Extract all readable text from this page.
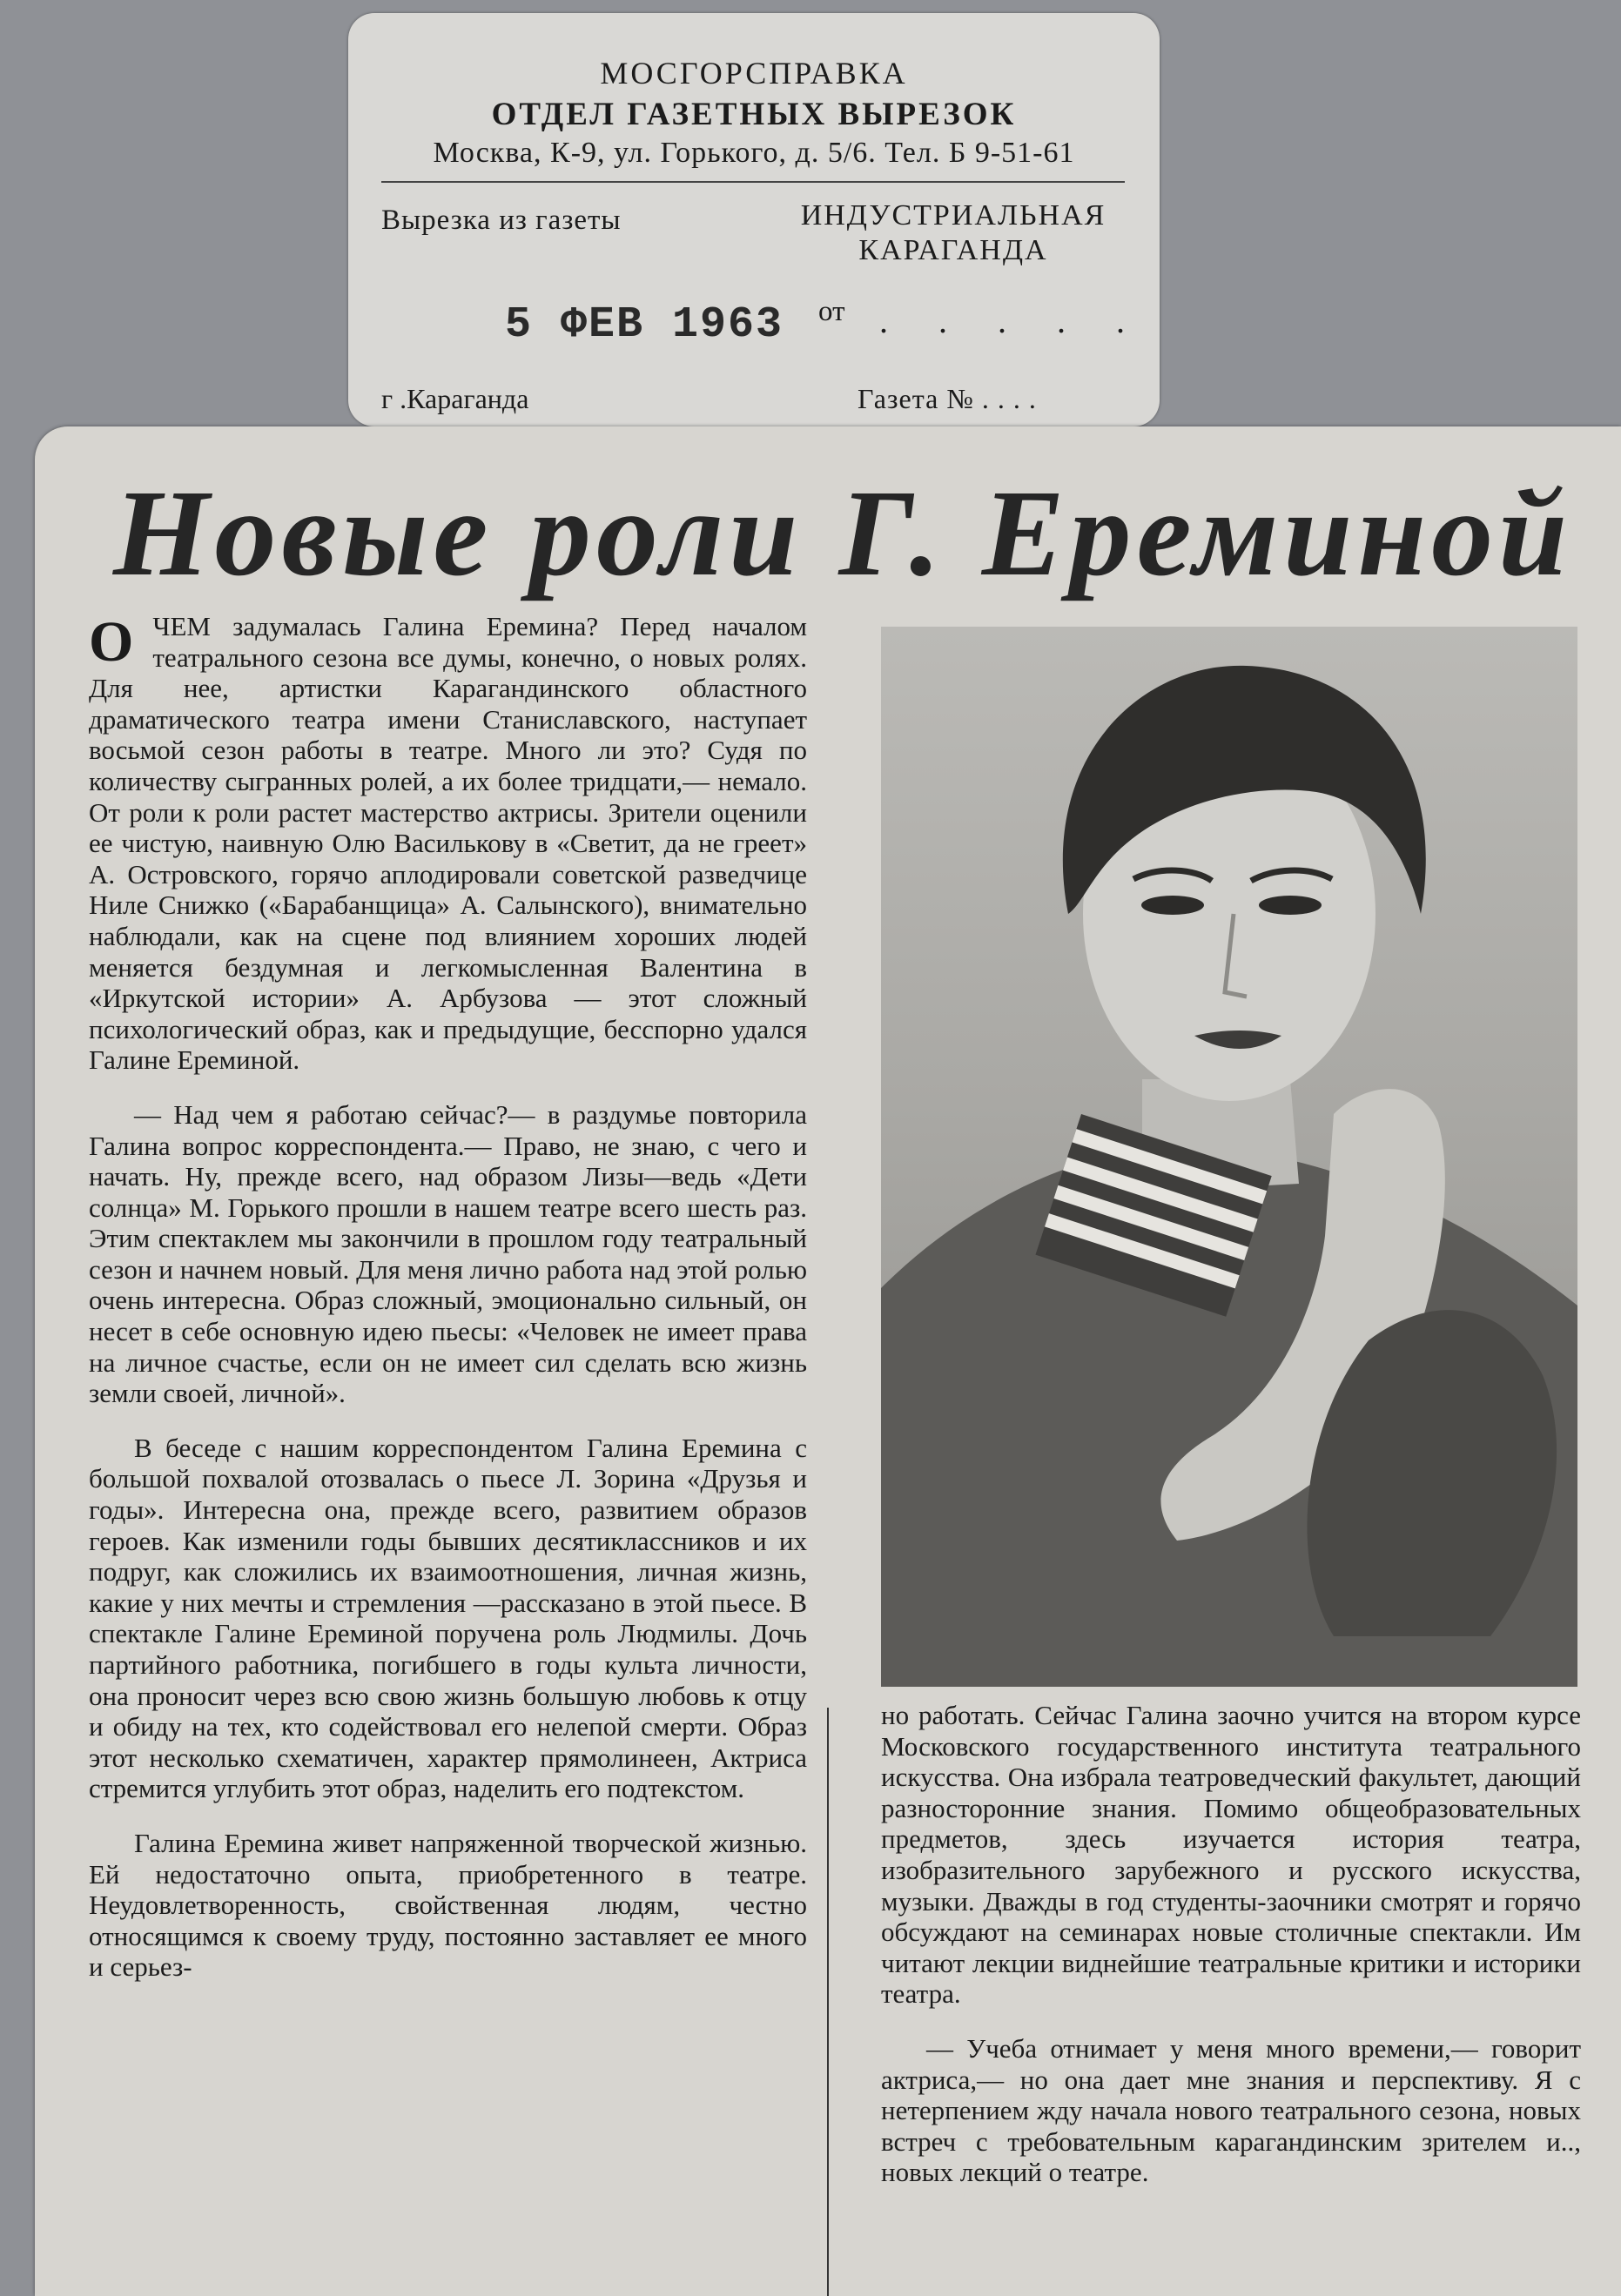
МОСГОРСПРАВКА
ОТДЕЛ ГАЗЕТНЫХ ВЫРЕЗОК
Москва, К-9, ул. Горького, д. 5/6. Тел. Б 9-51-61
Вырезка из газеты	ИНДУСТРИАЛЬНАЯ
КАРАГАНДА
5 ФЕВ 1963 от . . . . .
г .Караганда	Газета № . . . .
Новые роли Г. Ереминой

ОЧЕМ задумалась Галина Еремина? Перед началом театрального сезона все думы, конечно, о новых ролях. Для нее, артистки Карагандинского областного драматического театра имени Станиславского, наступает восьмой сезон работы в театре. Много ли это? Судя по количеству сыгранных ролей, а их более тридцати,— немало. От роли к роли растет мастерство актрисы. Зрители оценили ее чистую, наивную Олю Василькову в «Светит, да не греет» А. Островского, горячо аплодировали советской разведчице Ниле Снижко («Барабанщица» А. Салынского), внимательно наблюдали, как на сцене под влиянием хороших людей меняется бездумная и легкомысленная Валентина в «Иркутской истории» А. Арбузова — этот сложный психологический образ, как и предыдущие, бесспорно удался Галине Ереминой.

— Над чем я работаю сейчас?— в раздумье повторила Галина вопрос корреспондента.— Право, не знаю, с чего и начать. Ну, прежде всего, над образом Лизы—ведь «Дети солнца» М. Горького прошли в нашем театре всего шесть раз. Этим спектаклем мы закончили в прошлом году театральный сезон и начнем новый. Для меня лично работа над этой ролью очень интересна. Образ сложный, эмоционально сильный, он несет в себе основную идею пьесы: «Человек не имеет права на личное счастье, если он не имеет сил сделать всю жизнь земли своей, личной».

В беседе с нашим корреспондентом Галина Еремина с большой похвалой отозвалась о пьесе Л. Зорина «Друзья и годы». Интересна она, прежде всего, развитием образов героев. Как изменили годы бывших десятиклассников и их подруг, как сложились их взаимоотношения, личная жизнь, какие у них мечты и стремления —рассказано в этой пьесе. В спектакле Галине Ереминой поручена роль Людмилы. Дочь партийного работника, погибшего в годы культа личности, она проносит через всю свою жизнь большую любовь к отцу и обиду на тех, кто содействовал его нелепой смерти. Образ этот несколько схематичен, характер прямолинеен, Актриса стремится углубить этот образ, наделить его подтекстом.

Галина Еремина живет напряженной творческой жизнью. Ей недостаточно опыта, приобретенного в театре. Неудовлетворенность, свойственная людям, честно относящимся к своему труду, постоянно заставляет ее много и серьез-

но работать. Сейчас Галина заочно учится на втором курсе Московского государственного института театрального искусства. Она избрала театроведческий факультет, дающий разносторонние знания. Помимо общеобразовательных предметов, здесь изучается история театра, изобразительного зарубежного и русского искусства, музыки. Дважды в год студенты-заочники смотрят и горячо обсуждают на семинарах новые столичные спектакли. Им читают лекции виднейшие театральные критики и историки театра.

— Учеба отнимает у меня много времени,— говорит актриса,— но она дает мне знания и перспективу. Я с нетерпением жду начала нового театрального сезона, новых встреч с требовательным карагандинским зрителем и.., новых лекций о театре.
